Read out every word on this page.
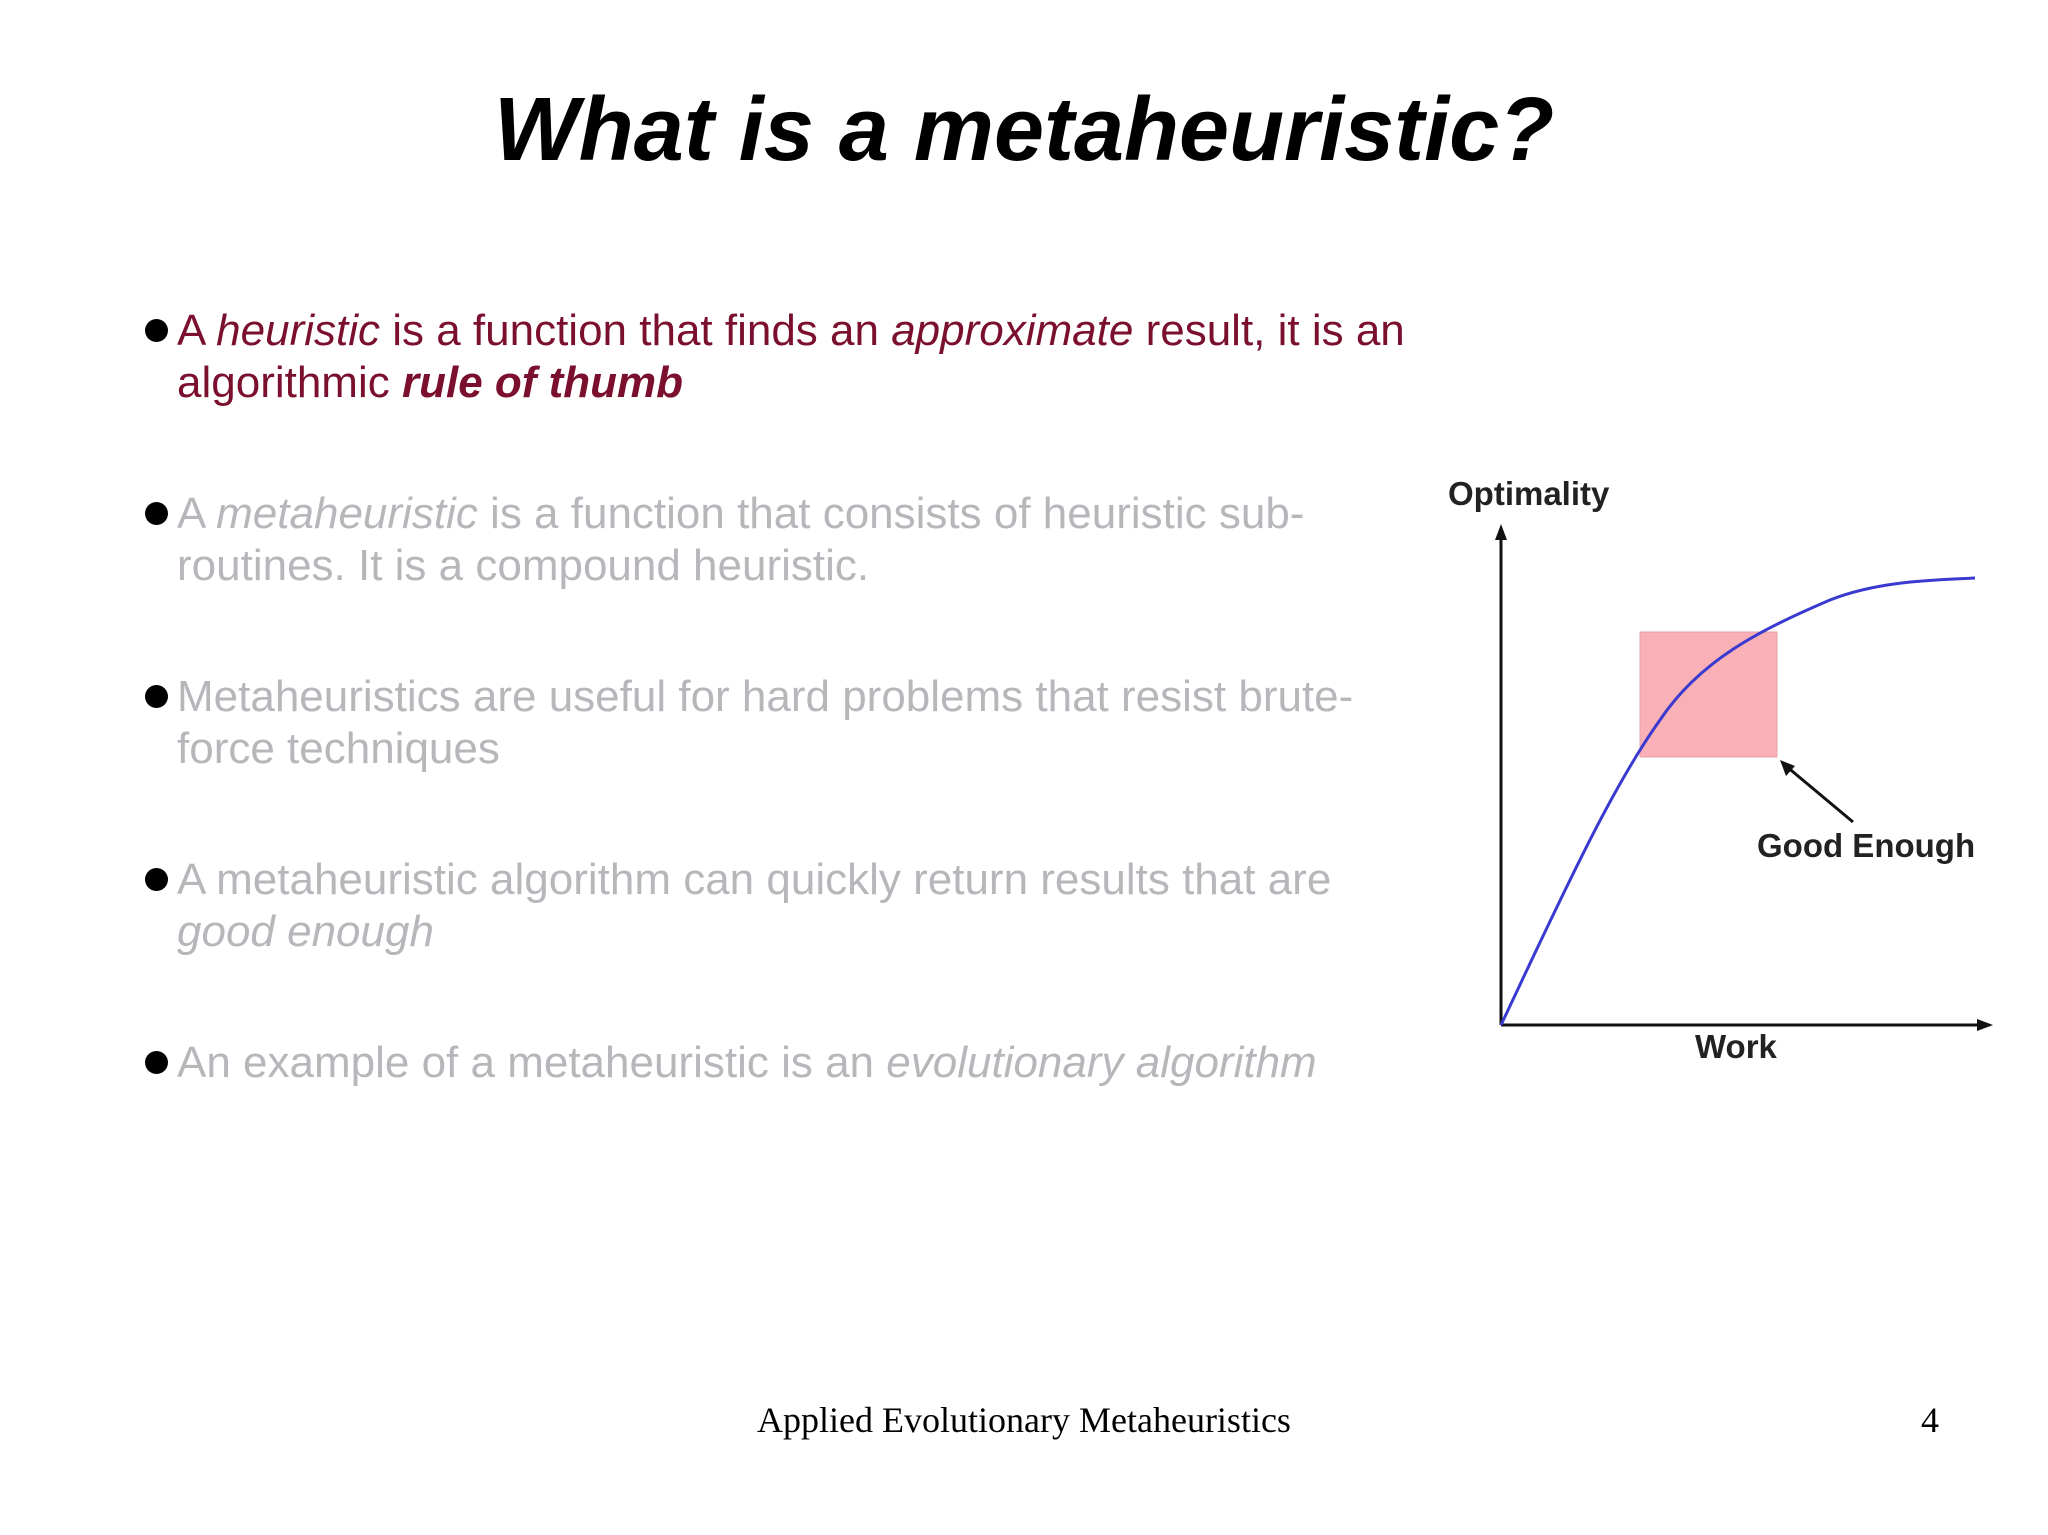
What is a metaheuristic?
A heuristic is a function that finds an approximate result, it is an algorithmic rule of thumb
A metaheuristic is a function that consists of heuristic sub-routines. It is a compound heuristic.
Metaheuristics are useful for hard problems that resist brute-force techniques
A metaheuristic algorithm can quickly return results that are good enough
An example of a metaheuristic is an evolutionary algorithm
Optimality
Good Enough
Work
Applied Evolutionary Metaheuristics	4
